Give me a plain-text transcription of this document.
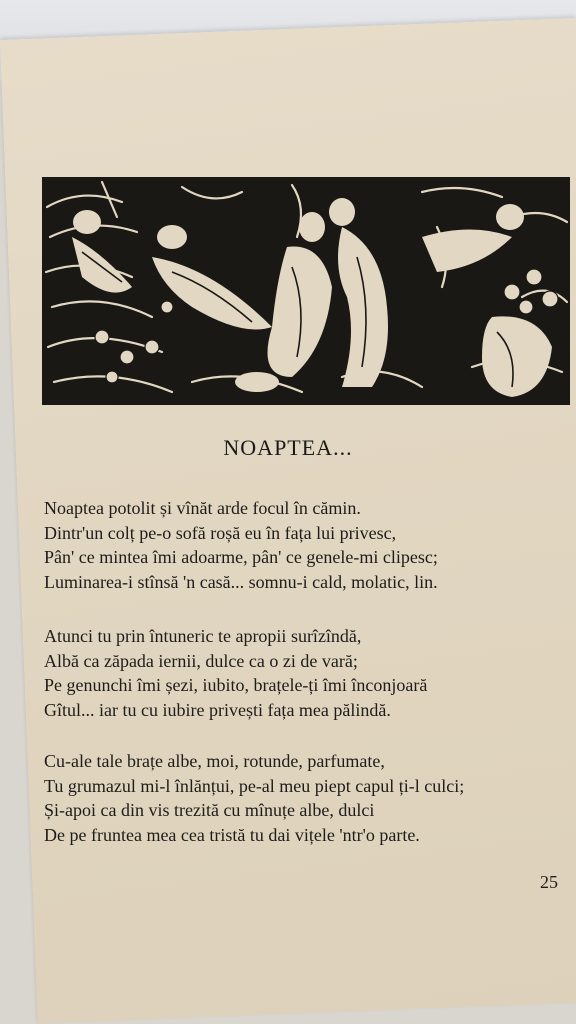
NOAPTEA...
Noaptea potolit și vînăt arde focul în cămin.
Dintr'un colț pe-o sofă roșă eu în fața lui privesc,
Pân' ce mintea îmi adoarme, pân' ce genele-mi clipesc;
Luminarea-i stînsă 'n casă... somnu-i cald, molatic, lin.
Atunci tu prin întuneric te apropii surîzîndă,
Albă ca zăpada iernii, dulce ca o zi de vară;
Pe genunchi îmi șezi, iubito, brațele-ți îmi înconjoară
Gîtul... iar tu cu iubire privești fața mea pălindă.
Cu-ale tale brațe albe, moi, rotunde, parfumate,
Tu grumazul mi-l înlănțui, pe-al meu piept capul ți-l culci;
Și-apoi ca din vis trezită cu mînuțe albe, dulci
De pe fruntea mea cea tristă tu dai vițele 'ntr'o parte.
25
